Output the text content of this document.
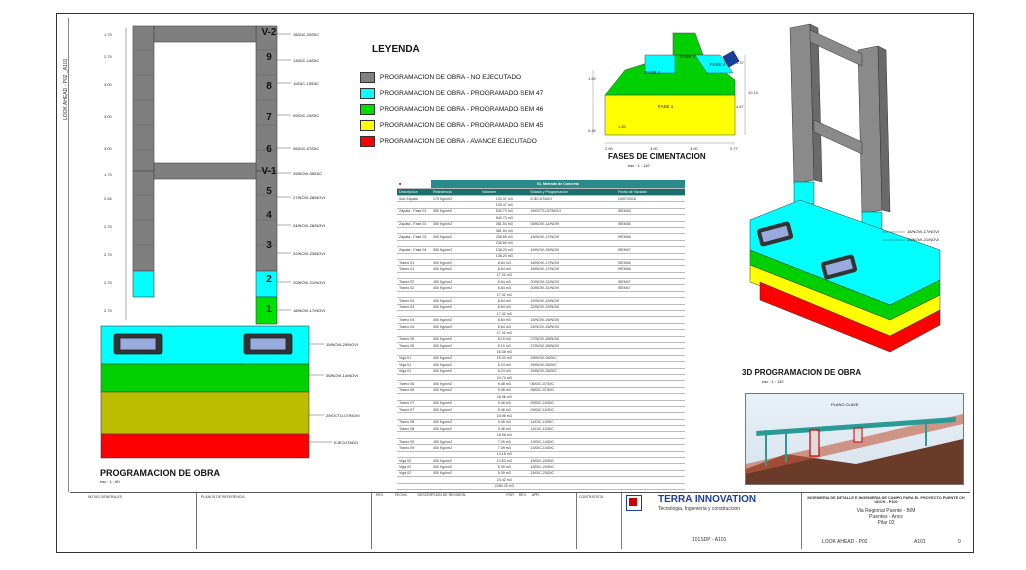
LOOK AHEAD - P02 _A101
1.75
2.75
3.00
3.00
3.00
1.75
2.65
2.75
2.75
2.75
2.75
V-2
9
8
7
6
V-1
5
4
3
2
1
15/DIC-20/DIC
13/DIC-14/DIC
11/DIC-13/DIC
09/DIC-10/DIC
06/DIC-07/DIC
29/NOVI-05/DIC
27/NOVI-28/NOVI
24/NOVI-26/NOVI
22/NOVI-23/NOVI
20/NOVI-21/NOVI
18/NOVI-17/NOVI
15/NOVI-25/NOVI
05/NOVI-14/NOVI
29/OCTU-07/NOVI
EJECUTADO
PROGRAMACION DE OBRA
esc : 1 : 60
LEYENDA
PROGRAMACION DE OBRA - NO EJECUTADO
PROGRAMACION DE OBRA - PROGRAMADO SEM 47
PROGRAMACION DE OBRA - PROGRAMADO SEM 46
PROGRAMACION DE OBRA - PROGRAMADO SEM 45
PROGRAMACION DE OBRA - AVANCE EJECUTADO
FASE 1
FASE 2
FASE 3
FASE 4
2.60	3.00	3.00	0.77
1.60
1.85
0.45
10.10
1.37
4.67
FASES DE CIMENTACION
esc : 1 : 110
■	01. Metrado de Concreto			
Descripcion	Resistencia	Volumen	Estado y Programacion	Fecha de Vaciado
Sub Zapata	175 Kg/cm2	193.47 m3	EJECUTADO	10/07/2018
		193.47 m3		
Zapata - Fase 01	350 Kg/cm2	540.73 m3	29/OCTU-07/NOVI	ISEM45
		540.73 m3		
Zapata - Fase 02	350 Kg/cm2	381.54 m3	05/NOVI-14/NOVI	ISEM46
		381.54 m3		
Zapata - Fase 03	350 Kg/cm2	236.69 m3	15/NOVI-17/NOVI	ISEM46
		236.69 m3		
Zapata - Fase 04	350 Kg/cm2	136.20 m3	15/NOVI-25/NOVI	ISEM47
		136.20 m3		
Tramo 01	400 Kg/cm2	8.64 m3	16/NOVI-17/NOVI	ISEM46
Tramo 01	400 Kg/cm2	8.64 m3	16/NOVI-17/NOVI	ISEM46
		17.32 m3		
Tramo 02	400 Kg/cm2	8.64 m3	20/NOVI-21/NOVI	ISEM47
Tramo 02	400 Kg/cm2	8.64 m3	20/NOVI-21/NOVI	ISEM47
		17.32 m3		
Tramo 03	400 Kg/cm2	8.64 m3	22/NOVI-23/NOVI	
Tramo 03	400 Kg/cm2	8.64 m3	22/NOVI-23/NOVI	
		17.32 m3		
Tramo 04	400 Kg/cm2	8.64 m3	24/NOVI-26/NOVI	
Tramo 04	400 Kg/cm2	8.64 m3	24/NOVI-26/NOVI	
		17.32 m3		
Tramo 05	400 Kg/cm2	8.19 m3	27/NOVI-28/NOVI	
Tramo 05	400 Kg/cm2	8.19 m3	27/NOVI-28/NOVI	
		16.38 m3		
Viga 01	400 Kg/cm2	15.03 m3	29/NOVI-05/DIC	
Viga 01	400 Kg/cm2	5.24 m3	29/NOVI-05/DIC	
Viga 01	400 Kg/cm2	5.24 m3	29/NOVI-05/DIC	
		24.74 m3		
Tramo 06	400 Kg/cm2	9.48 m3	06/DIC-07/DIC	
Tramo 06	400 Kg/cm2	9.48 m3	06/DIC-07/DIC	
		18.96 m3		
Tramo 07	400 Kg/cm2	9.48 m3	09/DIC-10/DIC	
Tramo 07	400 Kg/cm2	9.48 m3	09/DIC-10/DIC	
		18.96 m3		
Tramo 08	400 Kg/cm2	9.48 m3	11/DIC-13/DIC	
Tramo 08	400 Kg/cm2	9.48 m3	11/DIC-13/DIC	
		18.96 m3		
Tramo 09	400 Kg/cm2	7.09 m3	13/DIC-14/DIC	
Tramo 09	400 Kg/cm2	7.09 m3	13/DIC-14/DIC	
		14.18 m3		
Viga 02	400 Kg/cm2	13.63 m3	15/DIC-20/DIC	
Viga 02	400 Kg/cm2	5.39 m3	15/DIC-20/DIC	
Viga 02	400 Kg/cm2	5.39 m3	15/DIC-20/DIC	
		24.42 m3		
		2280.25 m3		
18/NOVI-17/NOVI
20/NOVI-21/NOVI
3D PROGRAMACION DE OBRA
esc : 1 : 110
PLANO CLAVE
NOTAS GENERALES	PLANOS DE REFERENCIA	REV.	FECHA	DESCRIPCION DE REVISION	POR REV. APR.	CONTRATISTA	TERRA INNOVATION
Tecnologia, Ingenieria y construccion
101SDP - A101
INGENIERIA DE DETALLE E INGENIERIA DE CAMPO PARA EL PROYECTO PUENTE CH
UDCH - P100
Via Regional Puente - B/M
Puentes - Ancs
Pilar 02
LOOK AHEAD - P02	A101	0
